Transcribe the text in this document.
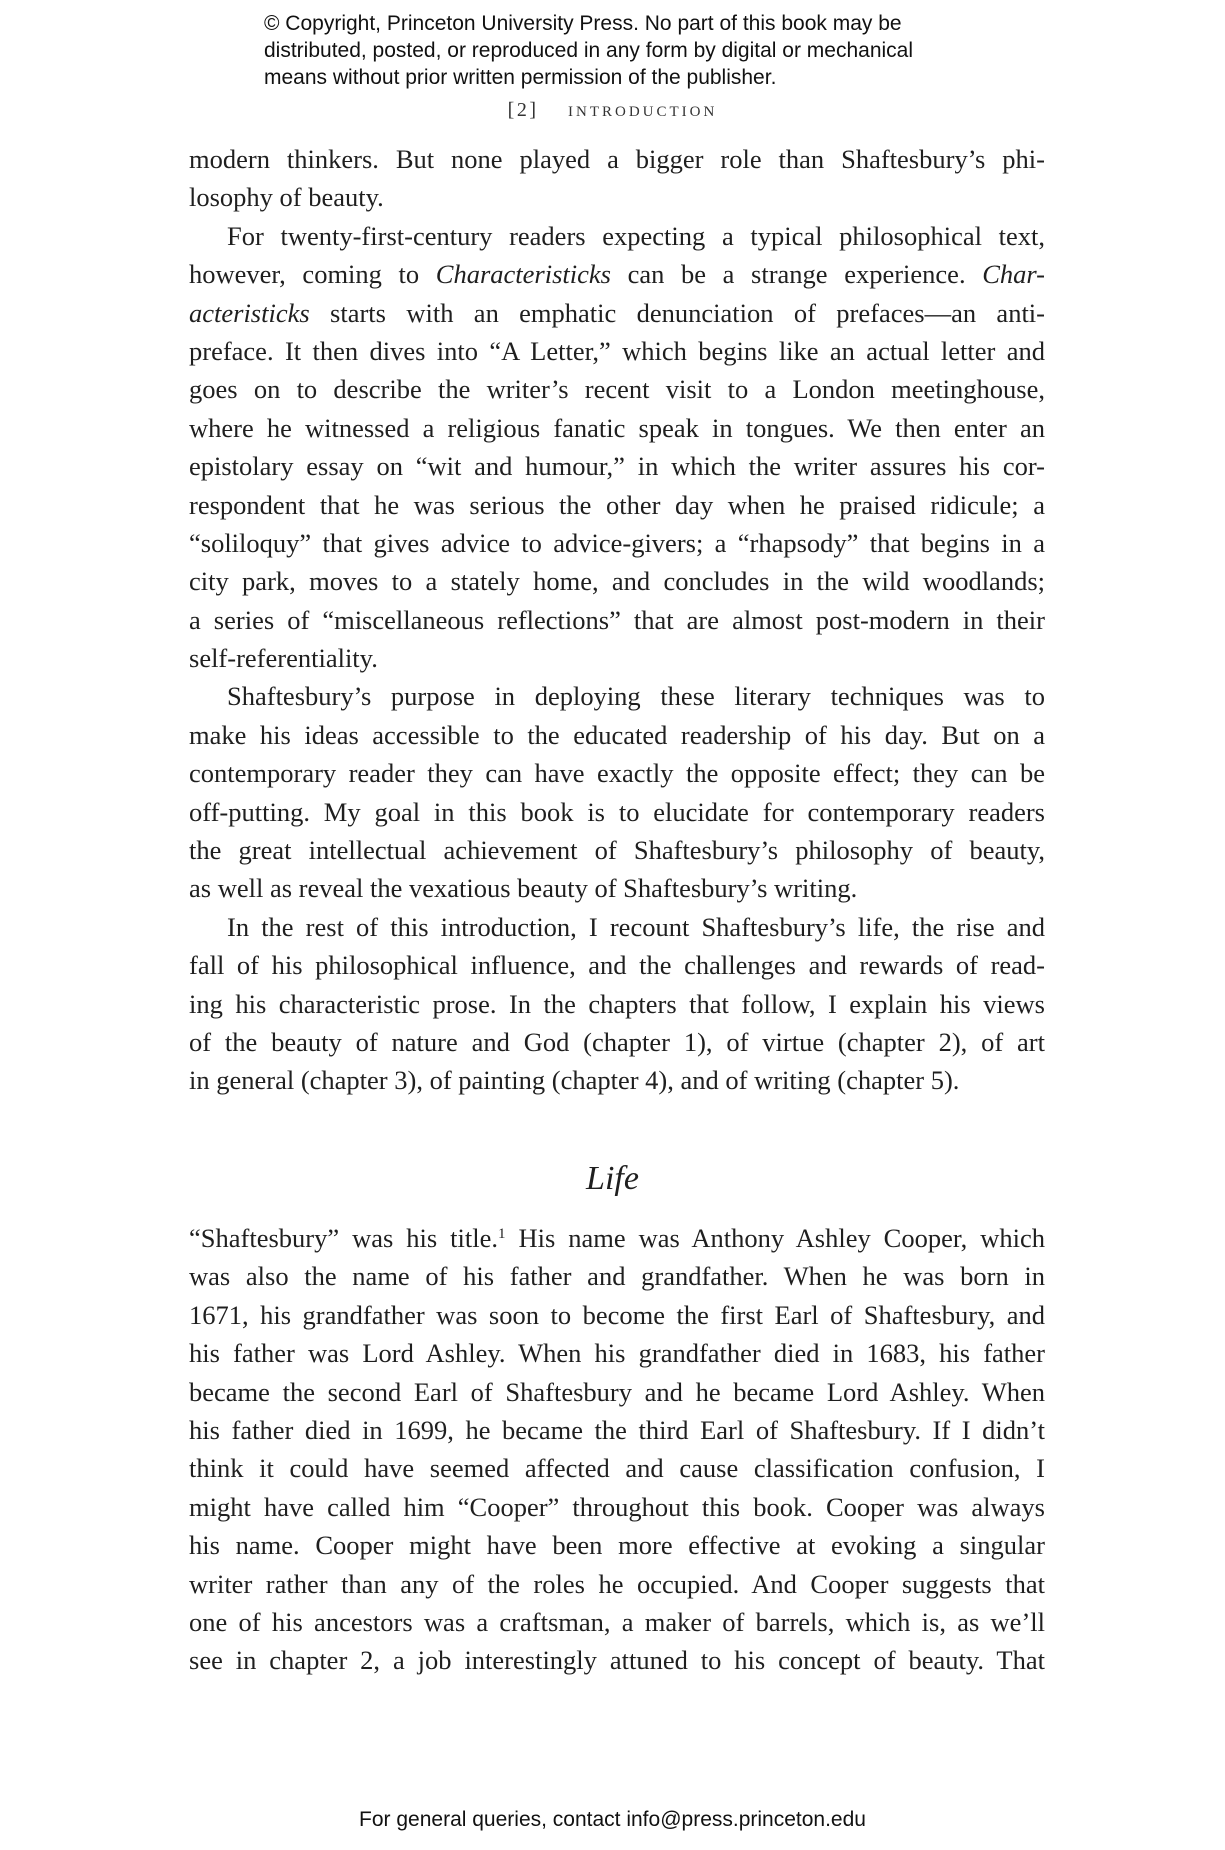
© Copyright, Princeton University Press. No part of this book may be
distributed, posted, or reproduced in any form by digital or mechanical
means without prior written permission of the publisher.
[2] introduction
modern thinkers. But none played a bigger role than Shaftesbury’s phi-
losophy of beauty.
For twenty-first-century readers expecting a typical philosophical text,
however, coming to Characteristicks can be a strange experience. Char-
acteristicks starts with an emphatic denunciation of prefaces—an anti-
preface. It then dives into “A Letter,” which begins like an actual letter and
goes on to describe the writer’s recent visit to a London meetinghouse,
where he witnessed a religious fanatic speak in tongues. We then enter an
epistolary essay on “wit and humour,” in which the writer assures his cor-
respondent that he was serious the other day when he praised ridicule; a
“soliloquy” that gives advice to advice-givers; a “rhapsody” that begins in a
city park, moves to a stately home, and concludes in the wild woodlands;
a series of “miscellaneous reflections” that are almost post-modern in their
self-referentiality.
Shaftesbury’s purpose in deploying these literary techniques was to
make his ideas accessible to the educated readership of his day. But on a
contemporary reader they can have exactly the opposite effect; they can be
off-putting. My goal in this book is to elucidate for contemporary readers
the great intellectual achievement of Shaftesbury’s philosophy of beauty,
as well as reveal the vexatious beauty of Shaftesbury’s writing.
In the rest of this introduction, I recount Shaftesbury’s life, the rise and
fall of his philosophical influence, and the challenges and rewards of read-
ing his characteristic prose. In the chapters that follow, I explain his views
of the beauty of nature and God (chapter 1), of virtue (chapter 2), of art
in general (chapter 3), of painting (chapter 4), and of writing (chapter 5).
Life
“Shaftesbury” was his title.$^1$ His name was Anthony Ashley Cooper, which
was also the name of his father and grandfather. When he was born in
1671, his grandfather was soon to become the first Earl of Shaftesbury, and
his father was Lord Ashley. When his grandfather died in 1683, his father
became the second Earl of Shaftesbury and he became Lord Ashley. When
his father died in 1699, he became the third Earl of Shaftesbury. If I didn’t
think it could have seemed affected and cause classification confusion, I
might have called him “Cooper” throughout this book. Cooper was always
his name. Cooper might have been more effective at evoking a singular
writer rather than any of the roles he occupied. And Cooper suggests that
one of his ancestors was a craftsman, a maker of barrels, which is, as we’ll
see in chapter 2, a job interestingly attuned to his concept of beauty. That
For general queries, contact info@press.princeton.edu
